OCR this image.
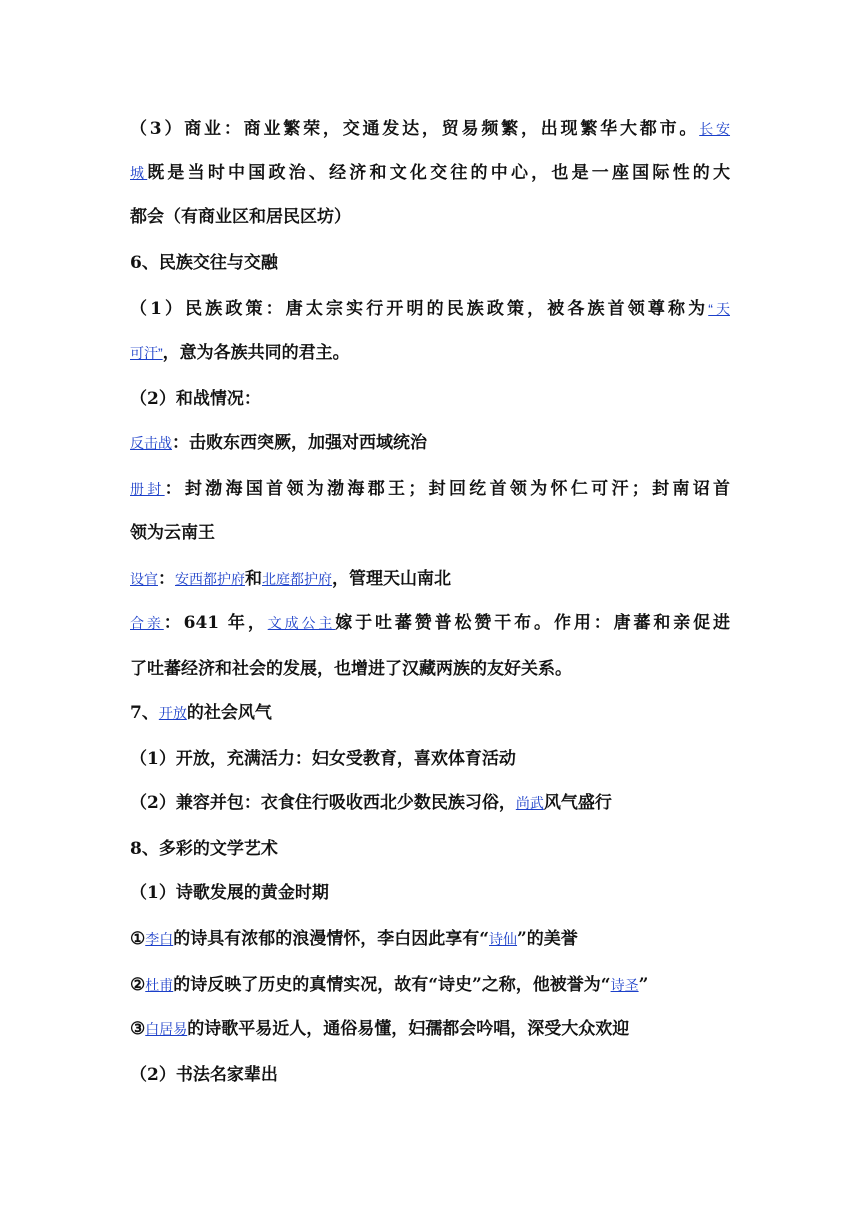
（3）商业：商业繁荣，交通发达，贸易频繁，出现繁华大都市。长安
城既是当时中国政治、经济和文化交往的中心，也是一座国际性的大
都会（有商业区和居民区坊）
6、民族交往与交融
（1）民族政策：唐太宗实行开明的民族政策，被各族首领尊称为“天
可汗”，意为各族共同的君主。
（2）和战情况：
反击战：击败东西突厥，加强对西域统治
册封：封渤海国首领为渤海郡王；封回纥首领为怀仁可汗；封南诏首
领为云南王
设官：安西都护府和北庭都护府，管理天山南北
合亲：641 年，文成公主嫁于吐蕃赞普松赞干布。作用：唐蕃和亲促进
了吐蕃经济和社会的发展，也增进了汉藏两族的友好关系。
7、开放的社会风气
（1）开放，充满活力：妇女受教育，喜欢体育活动
（2）兼容并包：衣食住行吸收西北少数民族习俗，尚武风气盛行
8、多彩的文学艺术
（1）诗歌发展的黄金时期
①李白的诗具有浓郁的浪漫情怀，李白因此享有“诗仙”的美誉
②杜甫的诗反映了历史的真情实况，故有“诗史”之称，他被誉为“诗圣”
③白居易的诗歌平易近人，通俗易懂，妇孺都会吟唱，深受大众欢迎
（2）书法名家辈出
